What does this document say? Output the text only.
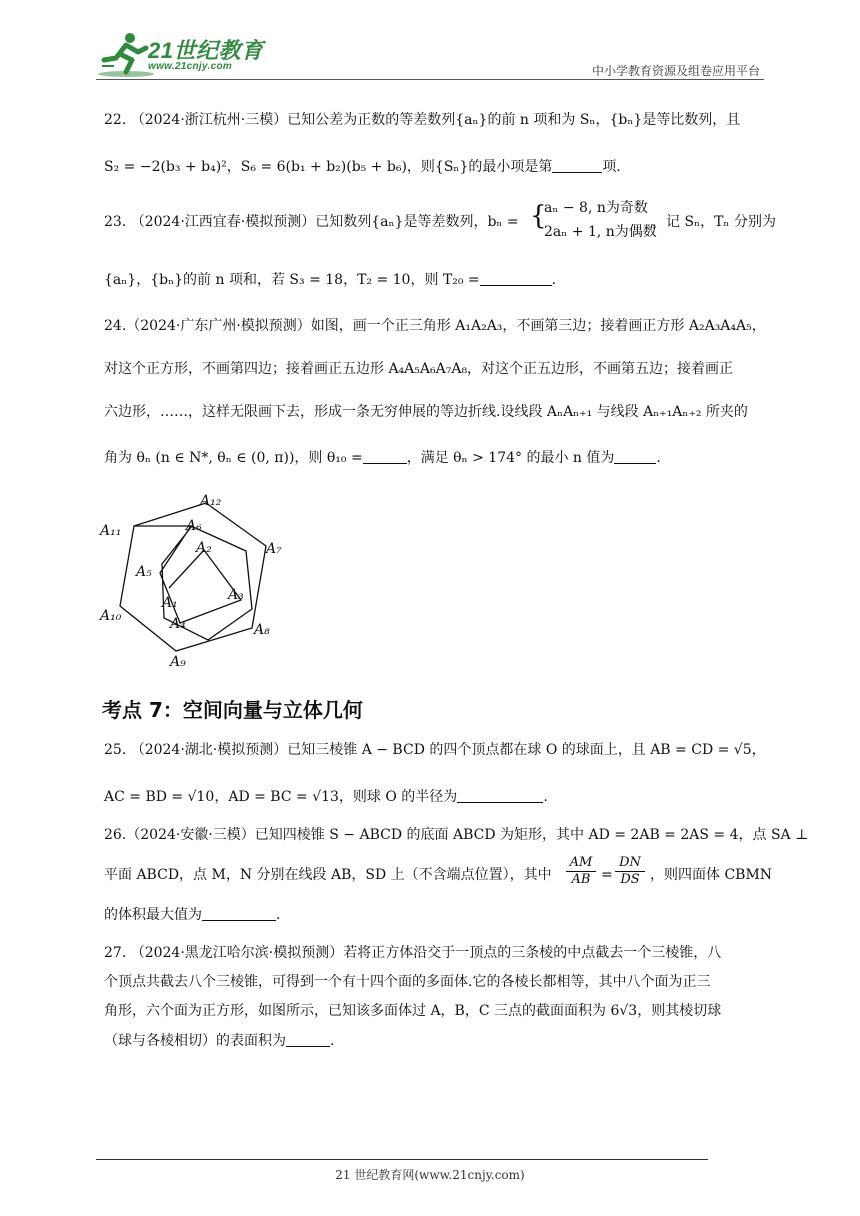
21世纪教育
www.21cnjy.com	中小学教育资源及组卷应用平台
22. （2024·浙江杭州·三模）已知公差为正数的等差数列{aₙ}的前 n 项和为 Sₙ，{bₙ}是等比数列，且
S₂ = −2(b₃ + b₄)²，S₆ = 6(b₁ + b₂)(b₅ + b₆)，则{Sₙ}的最小项是第	项.
23. （2024·江西宜春·模拟预测）已知数列{aₙ}是等差数列，bₙ = {
aₙ − 8, n为奇数
2aₙ + 1, n为偶数
，记 Sₙ，Tₙ 分别为
{aₙ}，{bₙ}的前 n 项和，若 S₃ = 18，T₂ = 10，则 T₂₀ =	.
24.（2024·广东广州·模拟预测）如图，画一个正三角形 A₁A₂A₃，不画第三边；接着画正方形 A₂A₃A₄A₅，
对这个正方形，不画第四边；接着画正五边形 A₄A₅A₆A₇A₈，对这个正五边形，不画第五边；接着画正
六边形，……，这样无限画下去，形成一条无穷伸展的等边折线.设线段 AₙAₙ₊₁ 与线段 Aₙ₊₁Aₙ₊₂ 所夹的
角为 θₙ (n ∈ N*, θₙ ∈ (0, π))，则 θ₁₀ =	，满足 θₙ > 174° 的最小 n 值为	.
A₁
A₂
A₃
A₄
A₅
A₆
A₇
A₈
A₉
A₁₀
A₁₁
A₁₂
考点 7：空间向量与立体几何
25. （2024·湖北·模拟预测）已知三棱锥 A − BCD 的四个顶点都在球 O 的球面上，且 AB = CD = √5，
AC = BD = √10，AD = BC = √13，则球 O 的半径为	.
26.（2024·安徽·三模）已知四棱锥 S − ABCD 的底面 ABCD 为矩形，其中 AD = 2AB = 2AS = 4，点 SA ⊥
平面 ABCD，点 M，N 分别在线段 AB，SD 上（不含端点位置），其中
AM
AB =
DN
DS ，则四面体 CBMN
的体积最大值为	.
27. （2024·黑龙江哈尔滨·模拟预测）若将正方体沿交于一顶点的三条棱的中点截去一个三棱锥，八
个顶点共截去八个三棱锥，可得到一个有十四个面的多面体.它的各棱长都相等，其中八个面为正三
角形，六个面为正方形，如图所示，已知该多面体过 A，B，C 三点的截面面积为 6√3，则其棱切球
（球与各棱相切）的表面积为	.
21 世纪教育网(www.21cnjy.com)
